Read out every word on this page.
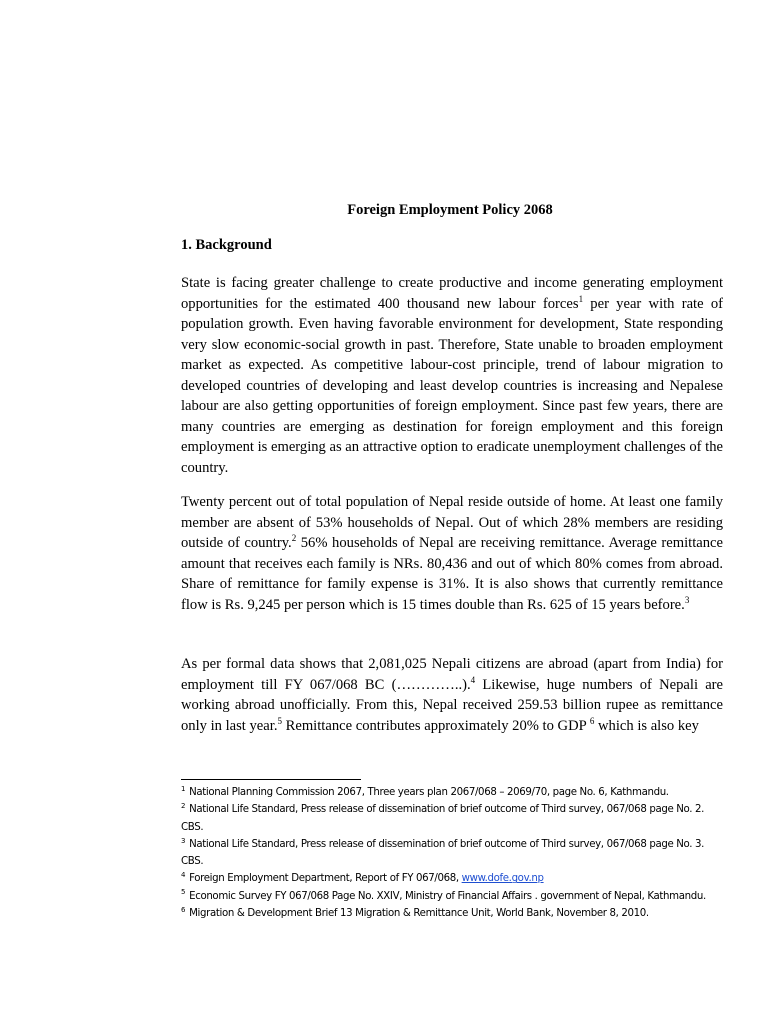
Foreign Employment Policy 2068
1. Background

State is facing greater challenge to create productive and income generating employment opportunities for the estimated 400 thousand new labour forces$^1$ per year with rate of population growth. Even having favorable environment for development, State responding very slow economic-social growth in past. Therefore, State unable to broaden employment market as expected. As competitive labour-cost principle, trend of labour migration to developed countries of developing and least develop countries is increasing and Nepalese labour are also getting opportunities of foreign employment. Since past few years, there are many countries are emerging as destination for foreign employment and this foreign employment is emerging as an attractive option to eradicate unemployment challenges of the country.

Twenty percent out of total population of Nepal reside outside of home. At least one family member are absent of 53% households of Nepal. Out of which 28% members are residing outside of country.$^2$ 56% households of Nepal are receiving remittance. Average remittance amount that receives each family is NRs. 80,436 and out of which 80% comes from abroad. Share of remittance for family expense is 31%. It is also shows that currently remittance flow is Rs. 9,245 per person which is 15 times double than Rs. 625 of 15 years before.$^3$

As per formal data shows that 2,081,025 Nepali citizens are abroad (apart from India) for employment till FY 067/068 BC (…………..).$^4$ Likewise, huge numbers of Nepali are working abroad unofficially. From this, Nepal received 259.53 billion rupee as remittance only in last year.$^5$ Remittance contributes approximately 20% to GDP $^6$ which is also key

$^1$ National Planning Commission 2067, Three years plan 2067/068 – 2069/70, page No. 6, Kathmandu.

$^2$ National Life Standard, Press release of dissemination of brief outcome of Third survey, 067/068 page No. 2. CBS.

$^3$ National Life Standard, Press release of dissemination of brief outcome of Third survey, 067/068 page No. 3. CBS.

$^4$ Foreign Employment Department, Report of FY 067/068, www.dofe.gov.np

$^5$ Economic Survey FY 067/068 Page No. XXIV, Ministry of Financial Affairs . government of Nepal, Kathmandu.

$^6$ Migration & Development Brief 13 Migration & Remittance Unit, World Bank, November 8, 2010.
